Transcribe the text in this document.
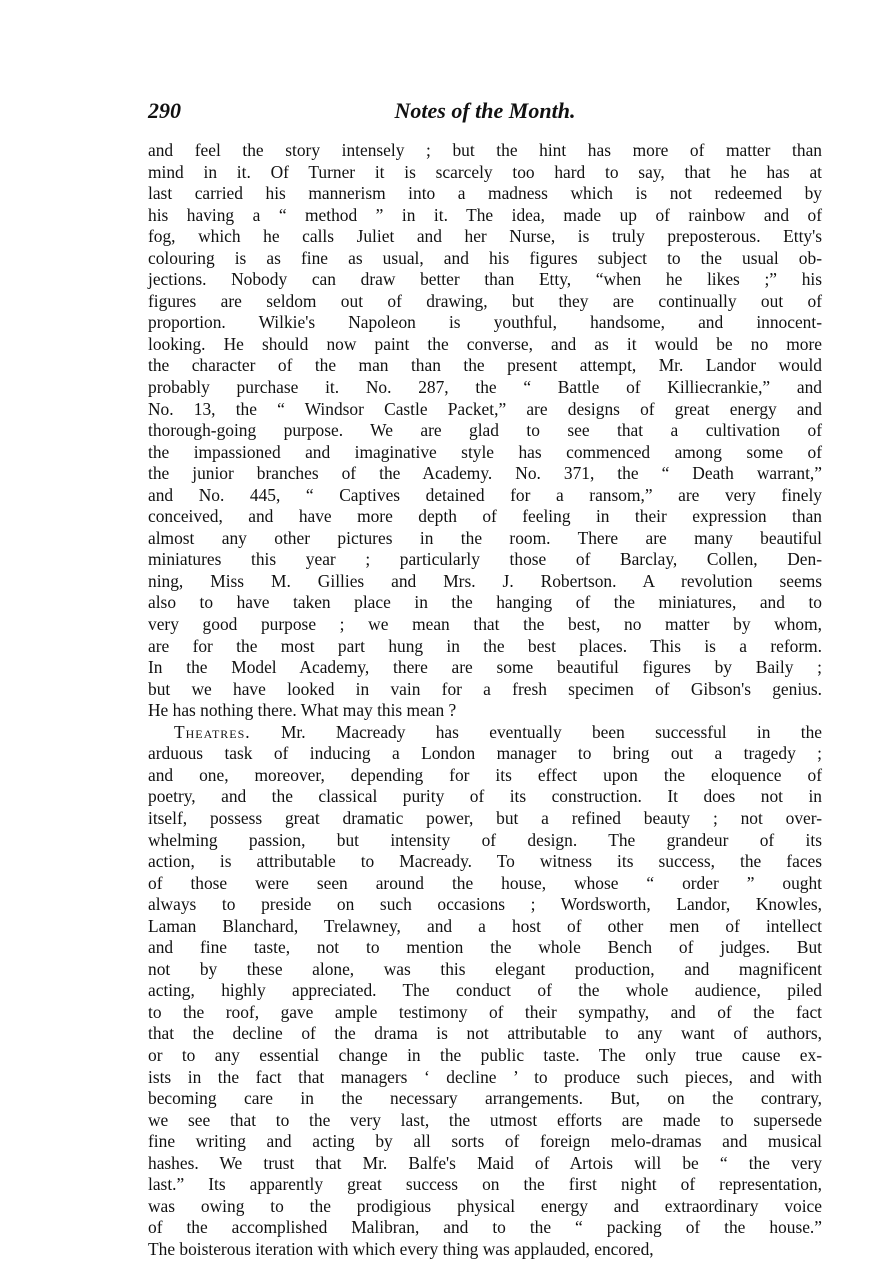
290	Notes of the Month.

and feel the story intensely ; but the hint has more of matter than
mind in it. Of Turner it is scarcely too hard to say, that he has at
last carried his mannerism into a madness which is not redeemed by
his having a “ method ” in it. The idea, made up of rainbow and of
fog, which he calls Juliet and her Nurse, is truly preposterous. Etty's
colouring is as fine as usual, and his figures subject to the usual ob-
jections. Nobody can draw better than Etty, “when he likes ;” his
figures are seldom out of drawing, but they are continually out of
proportion. Wilkie's Napoleon is youthful, handsome, and innocent-
looking. He should now paint the converse, and as it would be no more
the character of the man than the present attempt, Mr. Landor would
probably purchase it. No. 287, the “ Battle of Killiecrankie,” and
No. 13, the “ Windsor Castle Packet,” are designs of great energy and
thorough-going purpose. We are glad to see that a cultivation of
the impassioned and imaginative style has commenced among some of
the junior branches of the Academy. No. 371, the “ Death warrant,”
and No. 445, “ Captives detained for a ransom,” are very finely
conceived, and have more depth of feeling in their expression than
almost any other pictures in the room. There are many beautiful
miniatures this year ; particularly those of Barclay, Collen, Den-
ning, Miss M. Gillies and Mrs. J. Robertson. A revolution seems
also to have taken place in the hanging of the miniatures, and to
very good purpose ; we mean that the best, no matter by whom,
are for the most part hung in the best places. This is a reform.
In the Model Academy, there are some beautiful figures by Baily ;
but we have looked in vain for a fresh specimen of Gibson's genius.
He has nothing there. What may this mean ?

Theatres. Mr. Macready has eventually been successful in the
arduous task of inducing a London manager to bring out a tragedy ;
and one, moreover, depending for its effect upon the eloquence of
poetry, and the classical purity of its construction. It does not in
itself, possess great dramatic power, but a refined beauty ; not over-
whelming passion, but intensity of design. The grandeur of its
action, is attributable to Macready. To witness its success, the faces
of those were seen around the house, whose “ order ” ought
always to preside on such occasions ; Wordsworth, Landor, Knowles,
Laman Blanchard, Trelawney, and a host of other men of intellect
and fine taste, not to mention the whole Bench of judges. But
not by these alone, was this elegant production, and magnificent
acting, highly appreciated. The conduct of the whole audience, piled
to the roof, gave ample testimony of their sympathy, and of the fact
that the decline of the drama is not attributable to any want of authors,
or to any essential change in the public taste. The only true cause ex-
ists in the fact that managers ‘ decline ’ to produce such pieces, and with
becoming care in the necessary arrangements. But, on the contrary,
we see that to the very last, the utmost efforts are made to supersede
fine writing and acting by all sorts of foreign melo-dramas and musical
hashes. We trust that Mr. Balfe's Maid of Artois will be “ the very
last.” Its apparently great success on the first night of representation,
was owing to the prodigious physical energy and extraordinary voice
of the accomplished Malibran, and to the “ packing of the house.”
The boisterous iteration with which every thing was applauded, encored,
